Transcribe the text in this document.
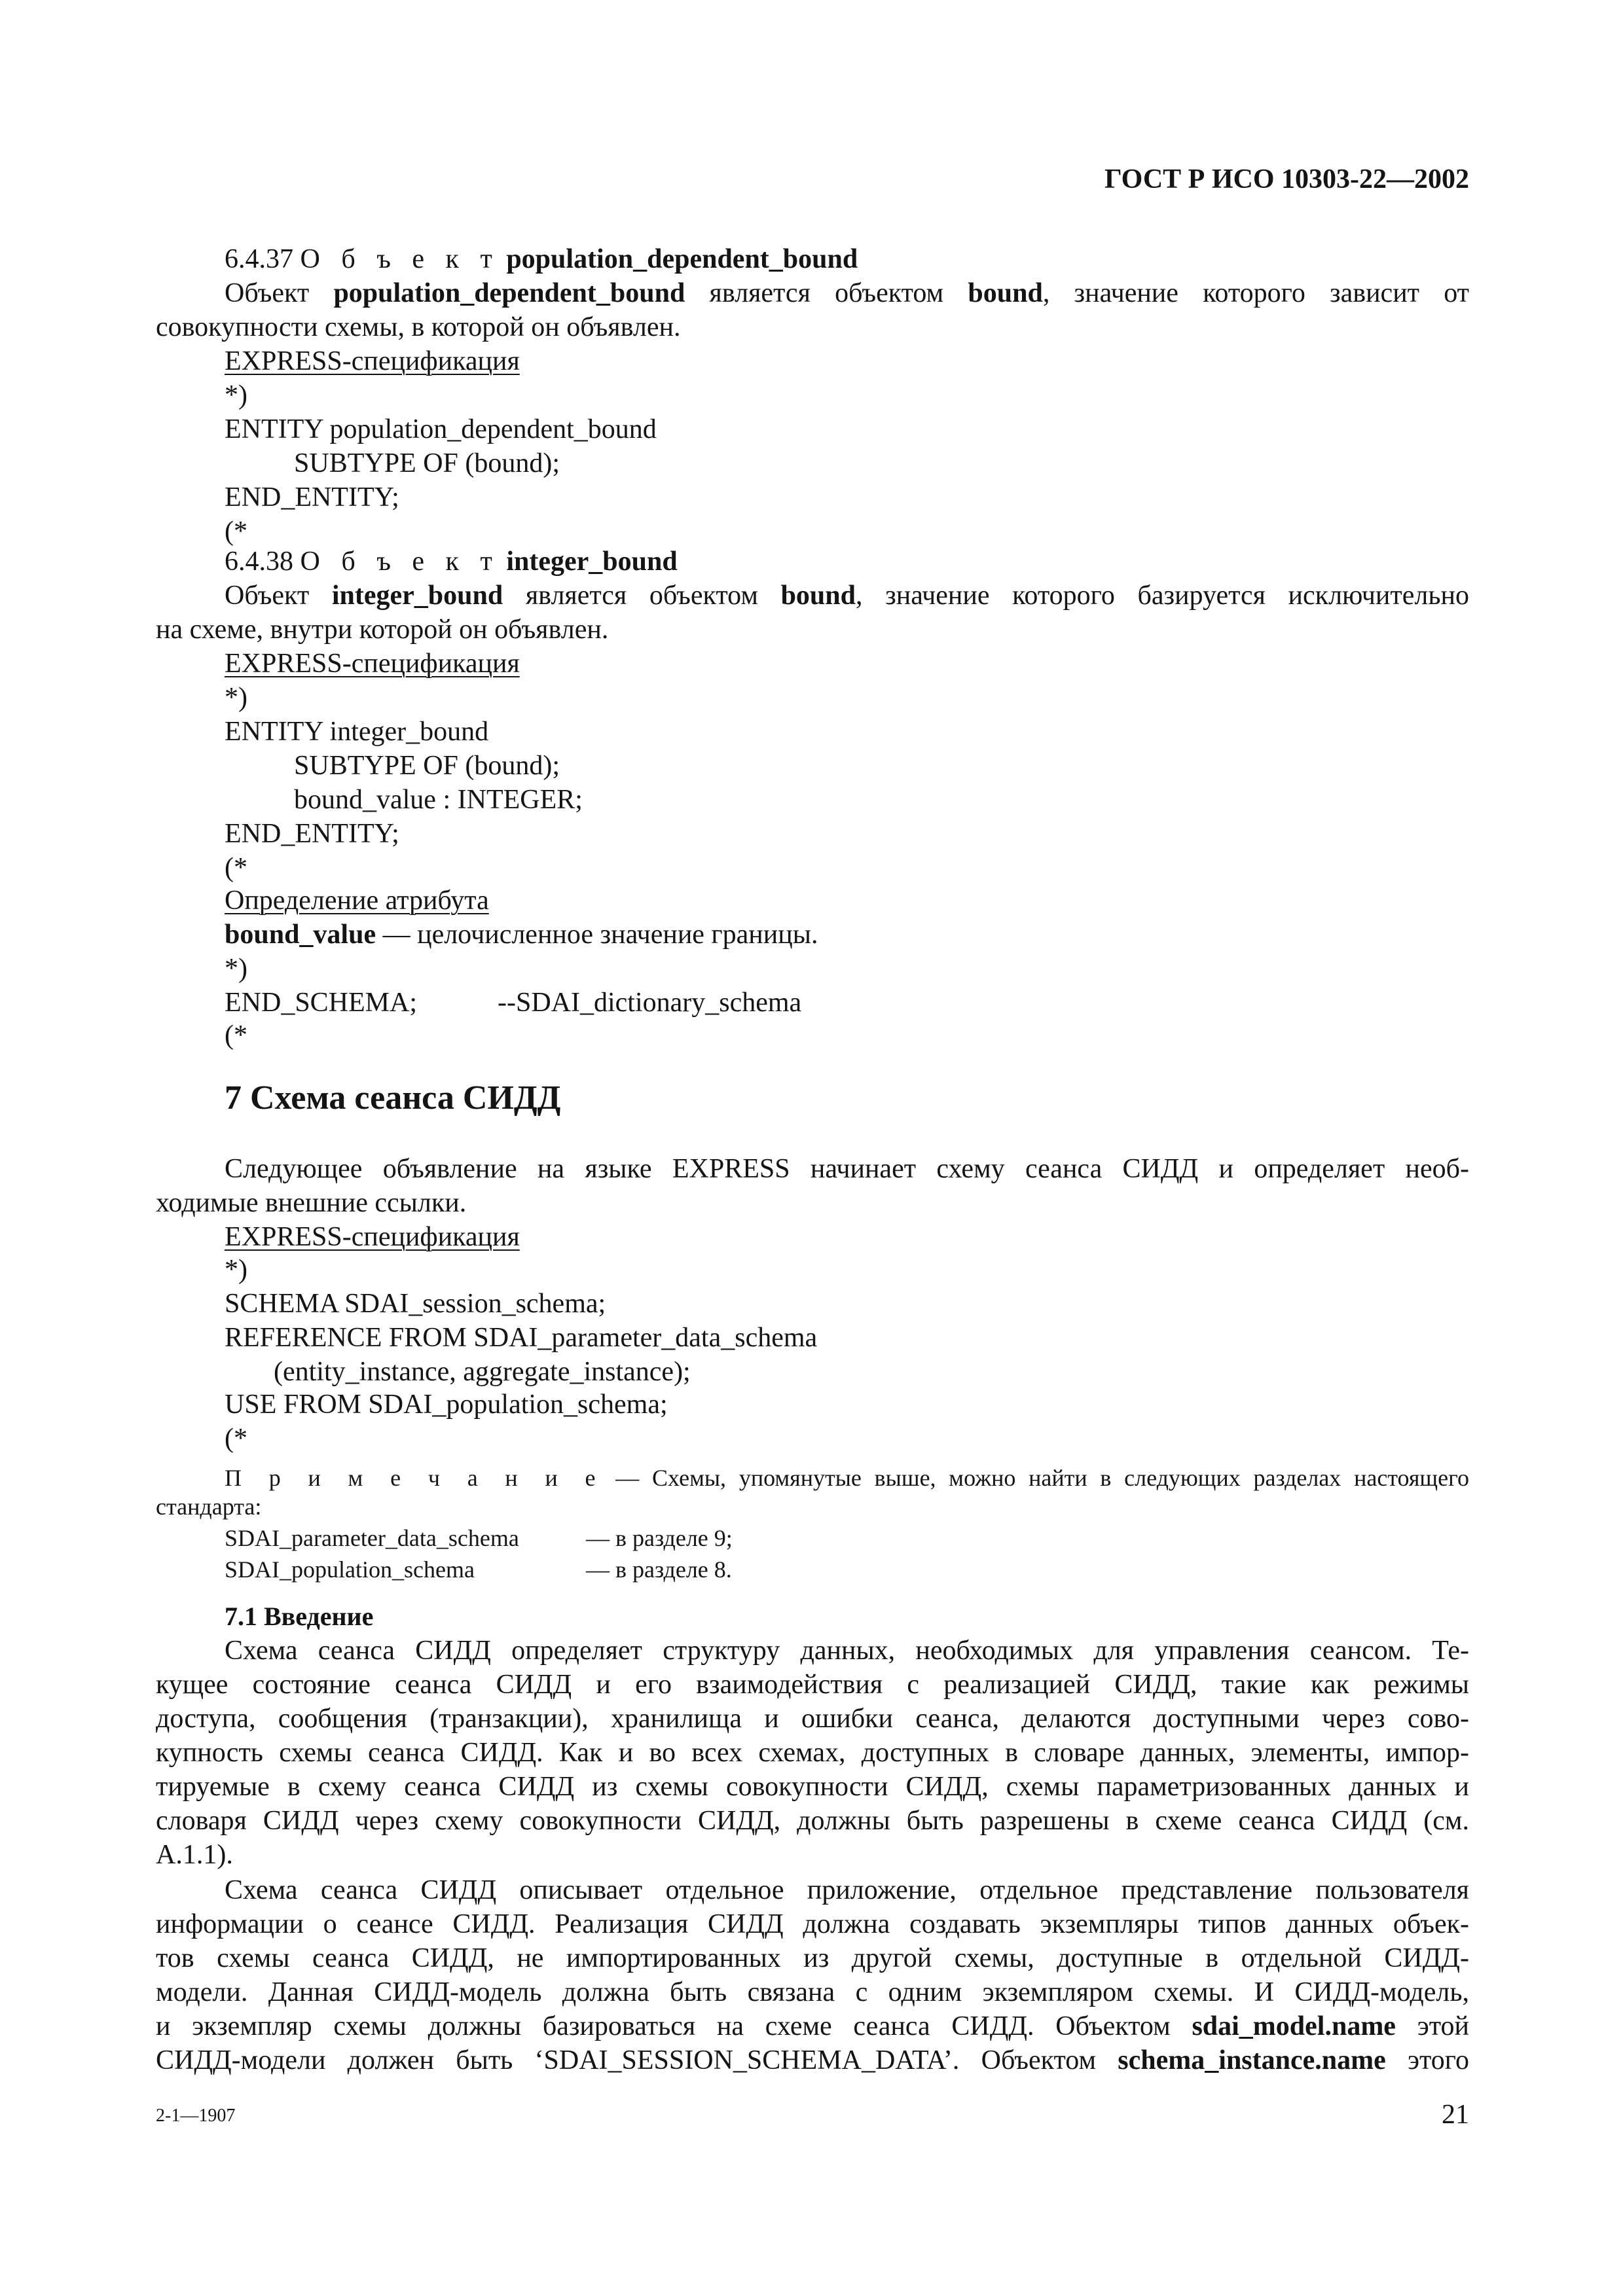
ГОСТ Р ИСО 10303-22—2002
6.4.37 О б ъ е к т population_dependent_bound
Объект population_dependent_bound является объектом bound, значение которого зависит от
совокупности схемы, в которой он объявлен.
EXPRESS-спецификация
*)
ENTITY population_dependent_bound
SUBTYPE OF (bound);
END_ENTITY;
(*
6.4.38 О б ъ е к т integer_bound
Объект integer_bound является объектом bound, значение которого базируется исключительно
на схеме, внутри которой он объявлен.
EXPRESS-спецификация
*)
ENTITY integer_bound
SUBTYPE OF (bound);
bound_value : INTEGER;
END_ENTITY;
(*
Определение атрибута
bound_value — целочисленное значение границы.
*)
END_SCHEMA;	--SDAI_dictionary_schema
(*
7 Схема сеанса СИДД
Следующее объявление на языке EXPRESS начинает схему сеанса СИДД и определяет необ-
ходимые внешние ссылки.
EXPRESS-спецификация
*)
SCHEMA SDAI_session_schema;
REFERENCE FROM SDAI_parameter_data_schema
(entity_instance, aggregate_instance);
USE FROM SDAI_population_schema;
(*
П р и м е ч а н и е — Схемы, упомянутые выше, можно найти в следующих разделах настоящего
стандарта:
SDAI_parameter_data_schema	— в разделе 9;
SDAI_population_schema	— в разделе 8.
7.1 Введение
Схема сеанса СИДД определяет структуру данных, необходимых для управления сеансом. Те-
кущее состояние сеанса СИДД и его взаимодействия с реализацией СИДД, такие как режимы
доступа, сообщения (транзакции), хранилища и ошибки сеанса, делаются доступными через сово-
купность схемы сеанса СИДД. Как и во всех схемах, доступных в словаре данных, элементы, импор-
тируемые в схему сеанса СИДД из схемы совокупности СИДД, схемы параметризованных данных и
словаря СИДД через схему совокупности СИДД, должны быть разрешены в схеме сеанса СИДД (см.
А.1.1).
Схема сеанса СИДД описывает отдельное приложение, отдельное представление пользователя
информации о сеансе СИДД. Реализация СИДД должна создавать экземпляры типов данных объек-
тов схемы сеанса СИДД, не импортированных из другой схемы, доступные в отдельной СИДД-
модели. Данная СИДД-модель должна быть связана с одним экземпляром схемы. И СИДД-модель,
и экземпляр схемы должны базироваться на схеме сеанса СИДД. Объектом sdai_model.name этой
СИДД-модели должен быть ‘SDAI_SESSION_SCHEMA_DATA’. Объектом schema_instance.name этого
2-1—1907	21
